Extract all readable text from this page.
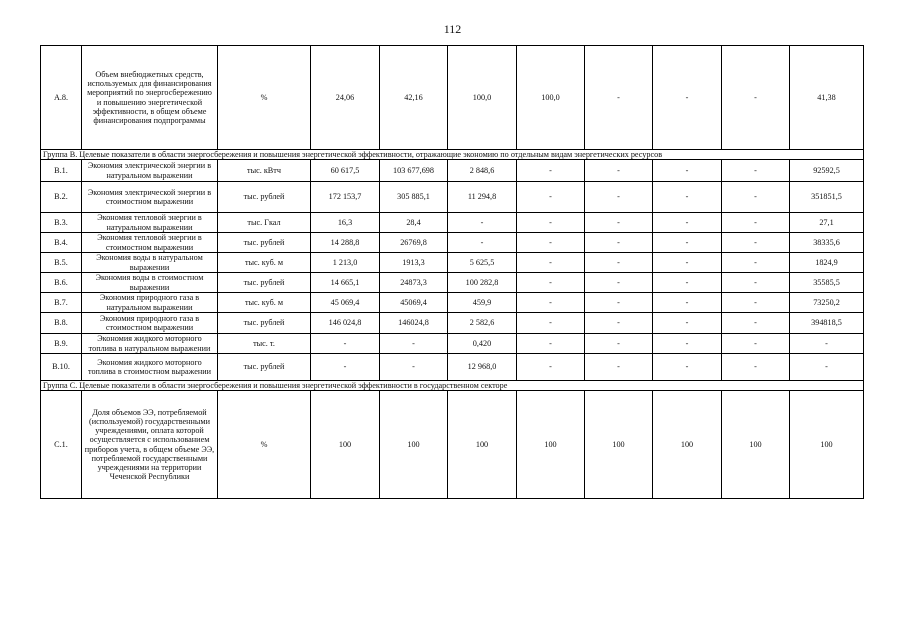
112
А.8.	Объем внебюджетных средств, используемых для финансирования мероприятий по энергосбережению и повышению энергетической эффективности, в общем объеме финансирования подпрограммы	%	24,06	42,16	100,0	100,0	-	-	-	41,38
Группа В. Целевые показатели в области энергосбережения и повышения энергетической эффективности, отражающие экономию по отдельным видам энергетических ресурсов										
В.1.	Экономия электрической энергии в натуральном выражении	тыс. кВтч	60 617,5	103 677,698	2 848,6	-	-	-	-	92592,5
В.2.	Экономия электрической энергии в стоимостном выражении	тыс. рублей	172 153,7	305 885,1	11 294,8	-	-	-	-	351851,5
В.3.	Экономия тепловой энергии в натуральном выражении	тыс. Гкал	16,3	28,4	-	-	-	-	-	27,1
В.4.	Экономия тепловой энергии в стоимостном выражении	тыс. рублей	14 288,8	26769,8	-	-	-	-	-	38335,6
В.5.	Экономия воды в натуральном выражении	тыс. куб. м	1 213,0	1913,3	5 625,5	-	-	-	-	1824,9
В.6.	Экономия воды в стоимостном выражении	тыс. рублей	14 665,1	24873,3	100 282,8	-	-	-	-	35585,5
В.7.	Экономия природного газа в натуральном выражении	тыс. куб. м	45 069,4	45069,4	459,9	-	-	-	-	73250,2
В.8.	Экономия природного газа в стоимостном выражении	тыс. рублей	146 024,8	146024,8	2 582,6	-	-	-	-	394818,5
В.9.	Экономия жидкого моторного топлива в натуральном выражении	тыс. т.	-	-	0,420	-	-	-	-	-
В.10.	Экономия жидкого моторного топлива в стоимостном выражении	тыс. рублей	-	-	12 968,0	-	-	-	-	-
Группа С. Целевые показатели в области энергосбережения и повышения энергетической эффективности в государственном секторе										
С.1.	Доля объемов ЭЭ, потребляемой (используемой) государственными учреждениями, оплата которой осуществляется с использованием приборов учета, в общем объеме ЭЭ, потребляемой государственными учреждениями на территории Чеченской Республики	%	100	100	100	100	100	100	100	100
